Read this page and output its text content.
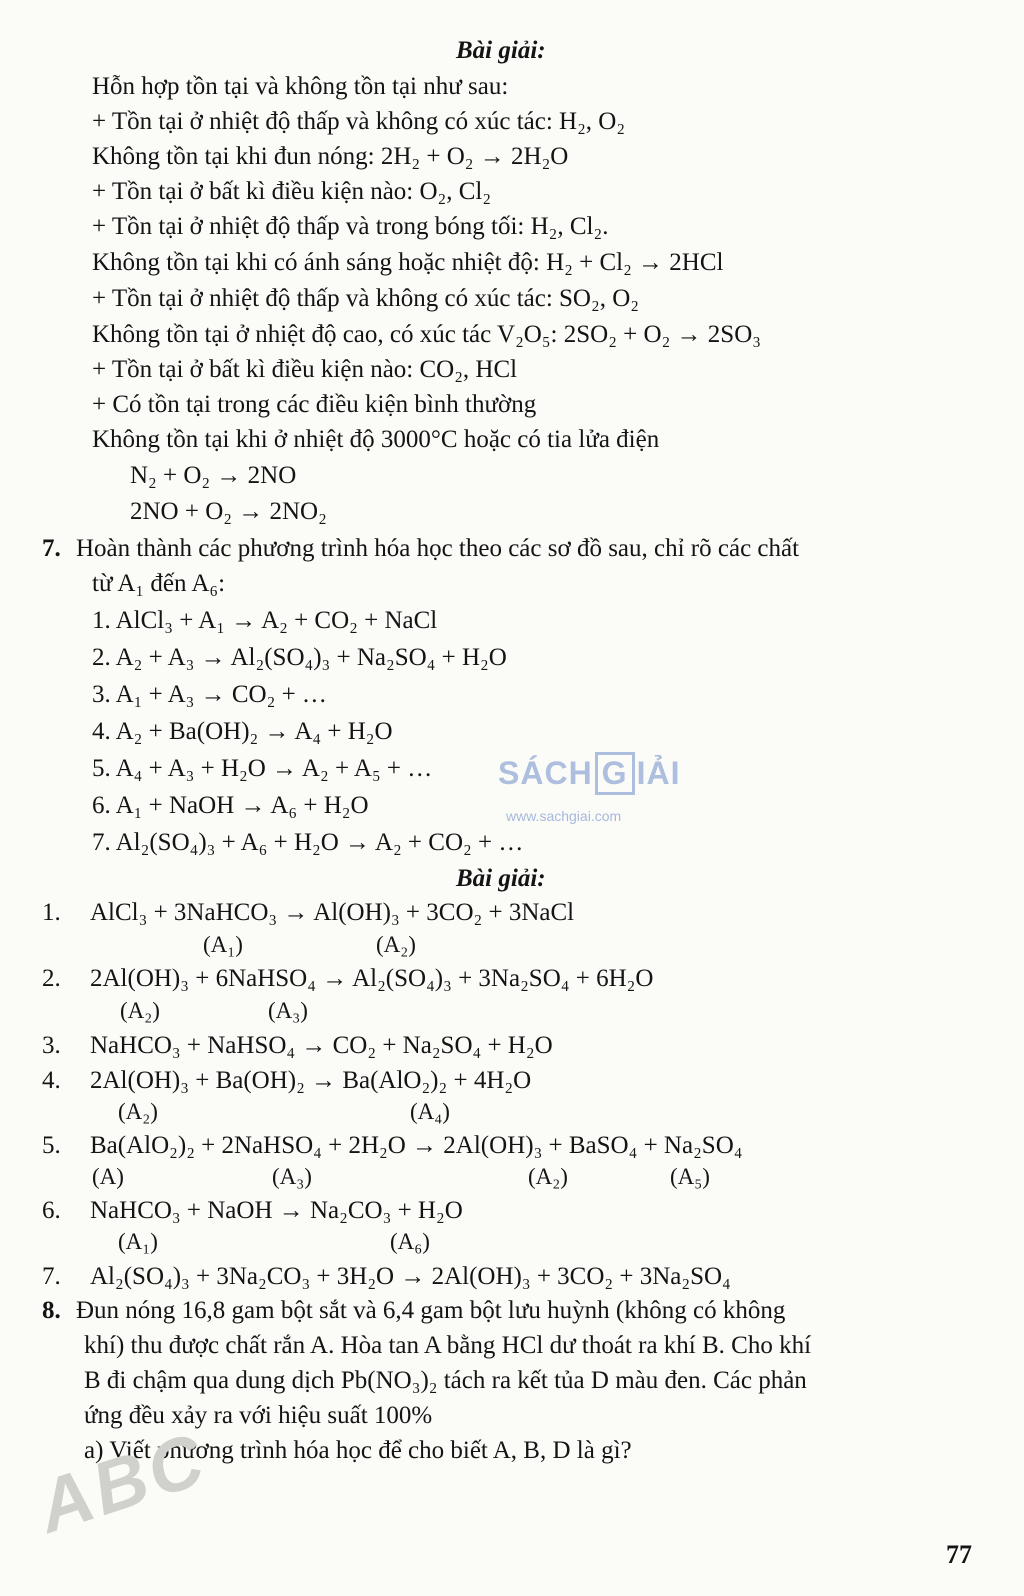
Bài giải:
Hỗn hợp tồn tại và không tồn tại như sau:
+ Tồn tại ở nhiệt độ thấp và không có xúc tác: H₂, O₂
Không tồn tại khi đun nóng: 2H₂ + O₂ → 2H₂O
+ Tồn tại ở bất kì điều kiện nào: O₂, Cl₂
+ Tồn tại ở nhiệt độ thấp và trong bóng tối: H₂, Cl₂.
Không tồn tại khi có ánh sáng hoặc nhiệt độ: H₂ + Cl₂ → 2HCl
+ Tồn tại ở nhiệt độ thấp và không có xúc tác: SO₂, O₂
Không tồn tại ở nhiệt độ cao, có xúc tác V₂O₅: 2SO₂ + O₂ → 2SO₃
+ Tồn tại ở bất kì điều kiện nào: CO₂, HCl
+ Có tồn tại trong các điều kiện bình thường
Không tồn tại khi ở nhiệt độ 3000°C hoặc có tia lửa điện
N₂ + O₂ → 2NO
2NO + O₂ → 2NO₂
7. Hoàn thành các phương trình hóa học theo các sơ đồ sau, chỉ rõ các chất
từ A₁ đến A₆:
1. AlCl₃ + A₁ → A₂ + CO₂ + NaCl
2. A₂ + A₃ → Al₂(SO₄)₃ + Na₂SO₄ + H₂O
3. A₁ + A₃ → CO₂ + …
4. A₂ + Ba(OH)₂ → A₄ + H₂O
5. A₄ + A₃ + H₂O → A₂ + A₅ + …
6. A₁ + NaOH → A₆ + H₂O
7. Al₂(SO₄)₃ + A₆ + H₂O → A₂ + CO₂ + …
Bài giải:
1. AlCl₃ + 3NaHCO₃ → Al(OH)₃ + 3CO₂ + 3NaCl
(A₁)	(A₂)
2. 2Al(OH)₃ + 6NaHSO₄ → Al₂(SO₄)₃ + 3Na₂SO₄ + 6H₂O
(A₂)	(A₃)
3. NaHCO₃ + NaHSO₄ → CO₂ + Na₂SO₄ + H₂O
4. 2Al(OH)₃ + Ba(OH)₂ → Ba(AlO₂)₂ + 4H₂O
(A₂)	(A₄)
5. Ba(AlO₂)₂ + 2NaHSO₄ + 2H₂O → 2Al(OH)₃ + BaSO₄ + Na₂SO₄
(A)	(A₃)	(A₂)	(A₅)
6. NaHCO₃ + NaOH → Na₂CO₃ + H₂O
(A₁)	(A₆)
7. Al₂(SO₄)₃ + 3Na₂CO₃ + 3H₂O → 2Al(OH)₃ + 3CO₂ + 3Na₂SO₄
8. Đun nóng 16,8 gam bột sắt và 6,4 gam bột lưu huỳnh (không có không
khí) thu được chất rắn A. Hòa tan A bằng HCl dư thoát ra khí B. Cho khí
B đi chậm qua dung dịch Pb(NO₃)₂ tách ra kết tủa D màu đen. Các phản
ứng đều xảy ra với hiệu suất 100%
a) Viết phương trình hóa học để cho biết A, B, D là gì?
SÁCH G IẢI
www.sachgiai.com
ABC
77
